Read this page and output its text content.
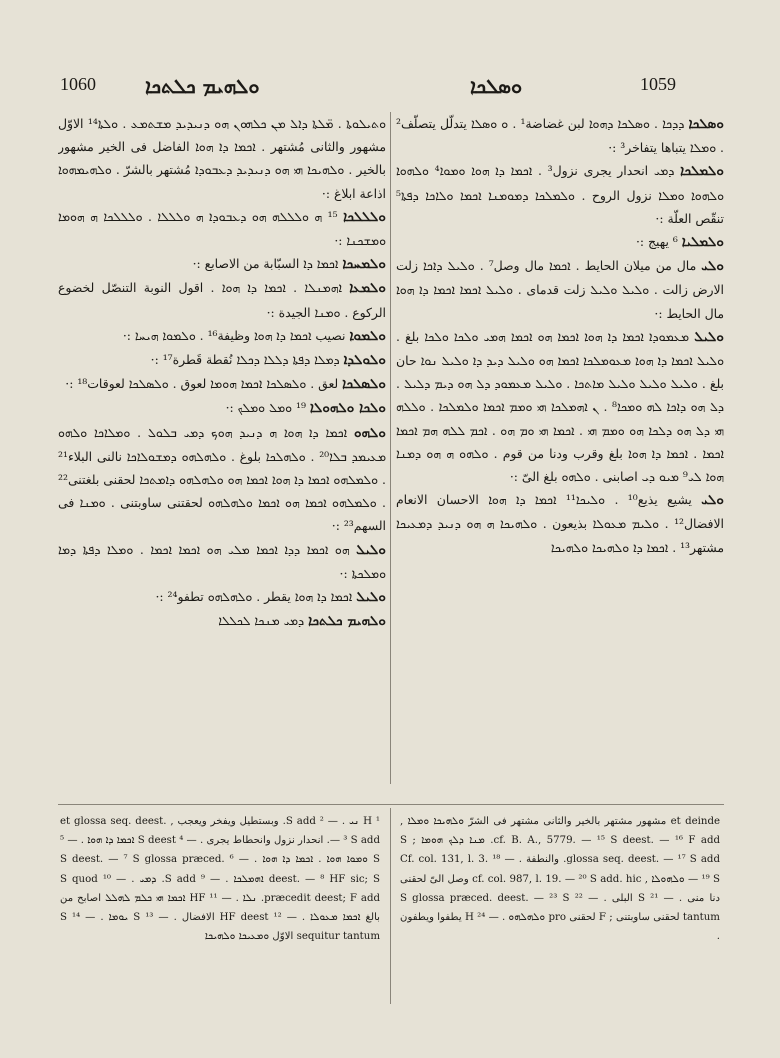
1060 ܘܠܗܝܡ ܟܠܬܟܐ	ܘܣܠܟܐ	1059

ܘܬܝܠܘܬܐ . ܡ̈ܠܬܐ ܕܐܠ ܡܢ ܟܠܗܘܢ ܗܘ ܕܢܝܕܝܕ ܡܫܬܡܥ . ܘܠܬܐ¹⁴ الاوّل مشهور والثانى مُشتهر . ܐܟܡܐ ܕܐ ܗܘܐ الفاضل فى الخير مشهور بالخير . ܘܠܗܝܟܐ ܗܝ ܗܘ ܕܢܝܕܝܕ ܕܥܒܘܕܐ مُشتهر بالشرّ . ܘܠܗܝܡܗܘܐ اذاعة ابلاغ :·

ܘܠܠܠܟܐ ¹⁵ ܗ ܘܠܠܠܗ ܗܘ ܕܥܒܘܕܐ ܗ ܘܠܠܠܐ . ܘܠܠܠܟܐ ܗ ܗܘܡܐ ܘܡܫܟܢܐ :·

ܘܠܡܚܟܐ ܐܟܡܐ ܕܐ السبّابة من الاصابع :·

ܘܠܡܥܐ ܐܗܡܢܠܐ . ܐܟܡܐ ܕܐ ܗܘܐ . اقول النوبة التنصّل لخضوع الركوع . ܘܡܢܐ الجيدة :·

ܘܠܡܘܐ نصيب ܐܟܡܐ ܕܐ ܗܘܐ وظيفة¹⁶ . ܘܠܡܘܐ ܗܝܚܐ :·

ܘܠܘܠܕܐ ܕܡܠܐ ܕܦܬܐ ܕܠܠܐ ܕܟܠܐ نُقطة قَطرة¹⁷ :·

ܘܠܣܠܟܐ لعق . ܘܠܣܠܟܐ ܐܟܡܐ ܗܘܡܐ لعوق . ܘܠܣܠܟܐ لعوقات¹⁸ :·

ܘܠܟܐ ܘܠܗܘܠܐ ¹⁹ ܘܡܠ ܘܡܠܟ :·

ܘܠܗܘ ܐܟܡܐ ܕܐ ܗܘܐ ܗ ܕܢܝܕ ܗܘܟ ܕܡܝ ܒܠܘܠ . ܘܡܠܐܟܐ ܘܠܗܘ ܡܥܝܡܕ ܒܠܐ²⁰ . ܘܠܗܠܟܐ بلوغ . ܘܠܗܠܗܘ ܕܡܫܘܠܐܟܐ نالنى البلاء²¹ . ܘܠܡܠܗܘ ܐܟܡܐ ܕܐ ܗܘܐ ܐܟܡܐ ܗܘ ܘܠܗܠܗܘ ܕܐܡܬܟܐ لحقنى بلغتنى²² . ܘܠܡܠܗܘ ܐܟܡܐ ܗܘ ܐܟܡܐ ܘܠܗܠܗܘ لحقتنى ساوبتنى . ܘܡܢܐ فى السهم²³ :·

ܘܠܝܠ ܗܘ ܐܟܡܐ ܕܕܐ ܐܟܡܐ ܡܠܝ ܗܘ ܐܟܡܐ ܐܟܡܐ . ܘܡܠܐ ܕܦܬܐ ܕܡܐ ܘܡܠܟܬܐ :·

ܘܠܝܠ ܐܟܡܐ ܕܐ ܗܘܐ يقطر . ܘܠܗܠܗܘ تطفو²⁴ :·

ܘܠܗܝܡ ܟܠܬܟܐ ܕܡܝ ܡܢܟܐ ܠܟܠܠܐ

ܘܣܠܟܐ ܕܕܟܐ . ܘܣܠܟܐ ܕܗܘܐ لبن غضاضة¹ . ܘ ܘܣܠܐ يتدلّل يتصلّف² . ܘܡܠܐ يتباها يتفاخر³ :·

ܘܠܡܠܟܐ ܕܡܝ انحدار يجرى نزول³ . ܐܟܡܐ ܕܐ ܗܘܐ ܘܡܘܐ⁴ ܘܠܗܘܐ ܘܠܗܘܐ ܘܡܠܐ نزول الروح . ܘܠܡܠܟܐ ܕܡܘܡܢܐ ܐܟܡܐ ܘܠܐܟܐ ܕܦܬܐ⁵ تنقّص العلّة :·

ܘܠܡܠܝܐ ⁶ يهيج :·

ܘܠܝ مال من ميلان الحايط . ܐܟܡܐ مال وصل⁷ . ܘܠܝܠ ܕܐܟܐ زلت الارض زالت . ܘܠܝܠ ܘܠܝܠ زلت قدماى . ܘܠܝܠ ܐܟܡܐ ܐܟܡܐ ܕܐ ܗܘܐ مال الحايط :·

ܘܠܝܠ ܡܥܡܘܕܐ ܐܟܡܐ ܕܐ ܗܘܐ ܐܟܡܐ ܗܘ ܐܟܡܐ ܗܡܝ ܘܠܟܐ ܘܠܟܐ بلغ . ܘܠܝܠ ܐܟܡܐ ܕܐ ܗܘܐ ܡܥܘܡܠܟܐ ܐܟܡܐ ܗܘ ܘܠܝܠ ܕܝܕ ܕܐ ܘܠܝܠ ܢܘܐ حان بلغ . ܘܠܝܠ ܘܠܝܠ ܘܠܝܠ ܡܐܬܟܐ . ܘܠܝܠ ܡܥܡܘܕ ܕܠ ܗܘ ܕܝܡ ܕܠܝܠ . ܕܠ ܗܘ ܕܐܟܐ ܠܗ ܘܡܟܐ⁸ . ܢ ܐܗܡܠܟܐ ܗܝ ܘܡܡ ܐܟܡܐ ܘܠܡܠܟܐ . ܘܠܠܗ ܗܝ ܕܠ ܗܘ ܕܠܟܐ ܗܘ ܘܡܡ ܗܝ . ܐܟܡܐ ܗܝ ܘܡ ܗܘ . ܐܟܡ ܠܠܗ ܗܡ ܐܟܡܐ ܐܟܡܐ . ܐܟܡܐ ܕܐ ܗܘܐ بلغ وقرب ودنا من قوم . ܘܠܗܘ ܗ ܗܘ ܕܡܢܐ ܗܘܐ ܠܝ⁹ ܡܝܘ ܕܝ اصابنى . ܘܠܗܘ بلغ الىّ :·

ܘܠܝ يشيع يذيع¹⁰ . ܘܠܝܟܐ¹¹ ܐܟܡܐ ܕܐ ܗܘܐ الاحسان الانعام الافضال¹² . ܘܠܝܡ ܡܥܘܠܐ بذيعون . ܘܠܗܝܟܐ ܗ ܗܘ ܕܢܝܕ ܕܡܥܝܟܐ مشتهر¹³ . ܐܟܡܐ ܕܐ ܘܠܗܝܟܐ ܘܠܗܝܟܐ

¹ H ܢܝ . — ² S add. وبستطيل ويفخر ويعجب , et glossa seq. deest. — ³ S add. انحدار نزول وانحطاط يجرى . — ⁴ S deest ܐܟܡܐ ܕܐ ܗܘܐ . — ⁵ S ܘܡܘܐ ܗܘܐ . ܐܟܡܐ ܕܐ ܗܘܐ . — ⁶ S deest. — ⁷ S glossa præced. deest. — ⁸ HF sic; S ܐܗܡܠܟܐ . — ⁹ S add. ܕܡܝ . — ¹⁰ S quod præcedit deest; F add. ܢܠܐ . — ¹¹ HF ܐܟܡܐ ܗܝ ܟܠܡ ܠܗܠܠ اصابح من بالغ ܐܟܡܐ ܡܥܘܠܐ . — ¹² HF deest الافضال . — ¹³ S ܝܘܡܐ . — ¹⁴ S sequitur tantum الاوّل ܘܡܥܝܟܐ ܘܠܗܝܟܐ
et deinde مشهور مشتهر بالخير والثانى مشتهر فى الشرّ ܘܠܗܝܟܐ ܘܡܠܐ , cf. B. A., 5779. — ¹⁵ S deest. — ¹⁶ F add. ܡܢܐ ܕܠܟ ܗܘܡܐ ; S glossa seq. deest. — ¹⁷ S add. والنطفة . — ¹⁸ Cf. col. 131, l. 3. — ¹⁹ S ܘܠܗܘܠܐ , cf. col. 987, l. 19. — ²⁰ S add. hic وصل الىّ لحقنى دنا منى . — ²¹ S البلى . — ²² S glossa præced. deest. — ²³ S tantum لحقنى ساوبتنى ; F لحقنى pro ܘܠܗܠܗܘ . — ²⁴ H يطفوا ويطفون .
